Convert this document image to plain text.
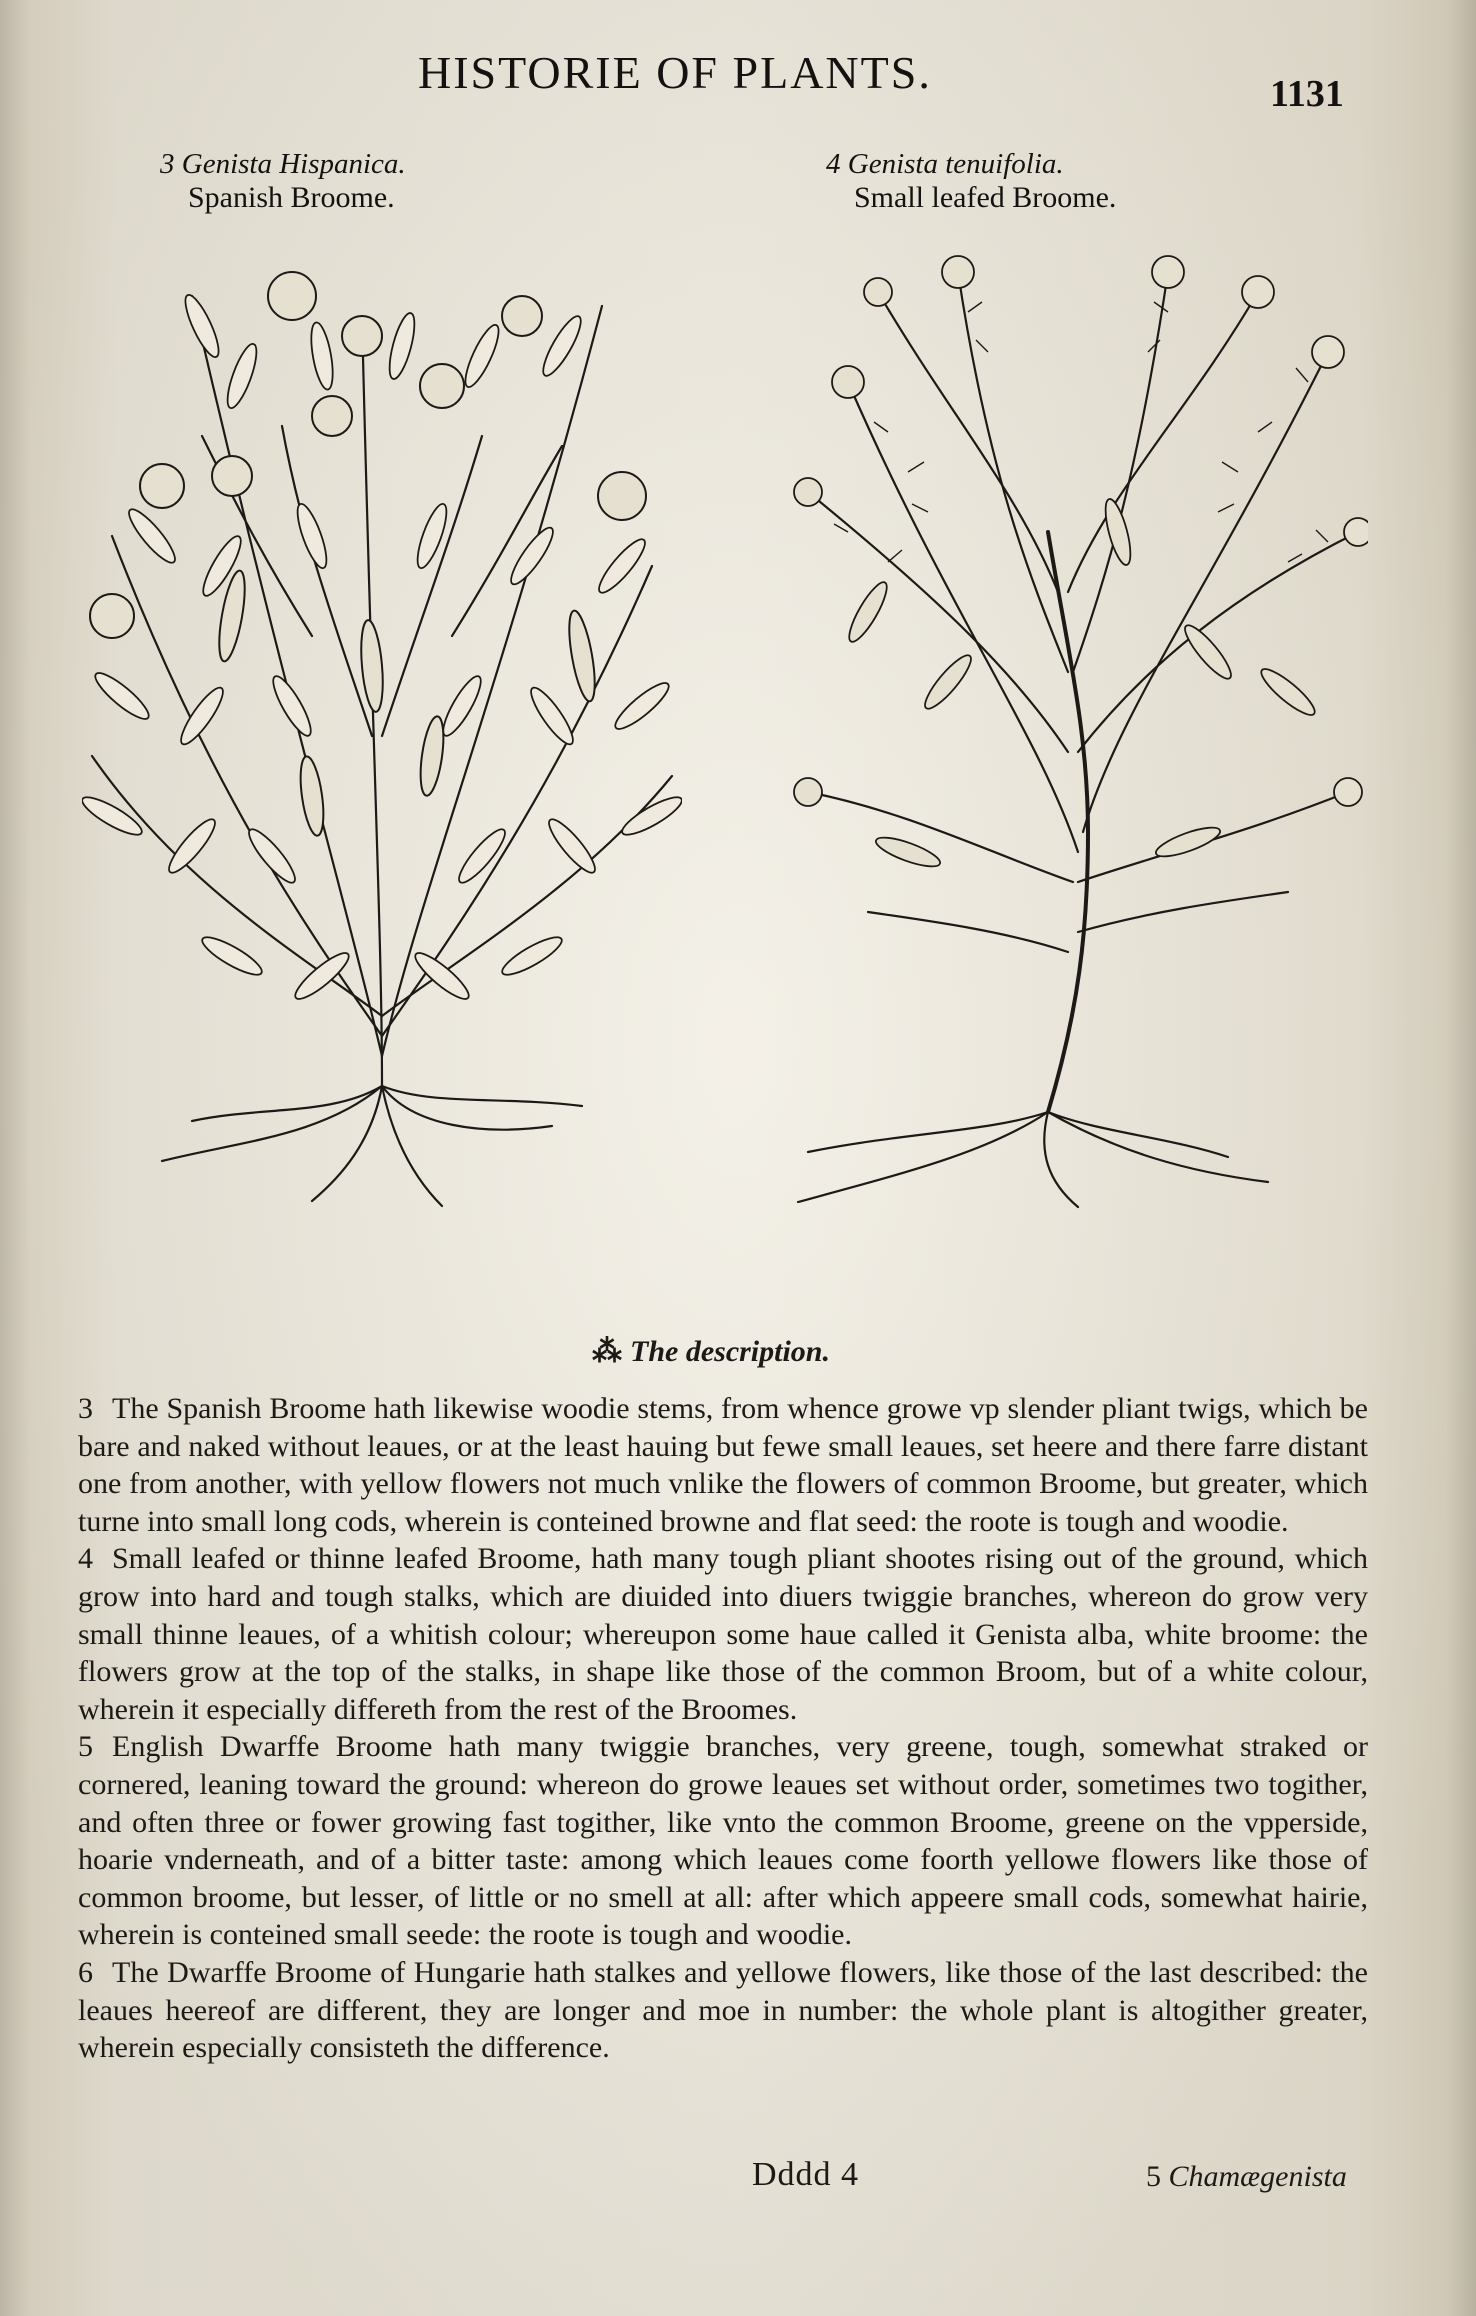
HISTORIE OF PLANTS.	1131
3 Genista Hispanica.
Spanish Broome.
4 Genista tenuifolia.
Small leafed Broome.
⁂ The description.

3 The Spanish Broome hath likewise woodie stems, from whence growe vp slender pliant twigs, which be bare and naked without leaues, or at the least hauing but fewe small leaues, set heere and there farre distant one from another, with yellow flowers not much vnlike the flowers of common Broome, but greater, which turne into small long cods, wherein is conteined browne and flat seed: the roote is tough and woodie.

4 Small leafed or thinne leafed Broome, hath many tough pliant shootes rising out of the ground, which grow into hard and tough stalks, which are diuided into diuers twiggie branches, whereon do grow very small thinne leaues, of a whitish colour; whereupon some haue called it Genista alba, white broome: the flowers grow at the top of the stalks, in shape like those of the common Broom, but of a white colour, wherein it especially differeth from the rest of the Broomes.

5 English Dwarffe Broome hath many twiggie branches, very greene, tough, somewhat straked or cornered, leaning toward the ground: whereon do growe leaues set without order, sometimes two togither, and often three or fower growing fast togither, like vnto the common Broome, greene on the vpperside, hoarie vnderneath, and of a bitter taste: among which leaues come foorth yellowe flowers like those of common broome, but lesser, of little or no smell at all: after which appeere small cods, somewhat hairie, wherein is conteined small seede: the roote is tough and woodie.

6 The Dwarffe Broome of Hungarie hath stalkes and yellowe flowers, like those of the last described: the leaues heereof are different, they are longer and moe in number: the whole plant is altogither greater, wherein especially consisteth the difference.

Dddd 4	5 Chamægenista
